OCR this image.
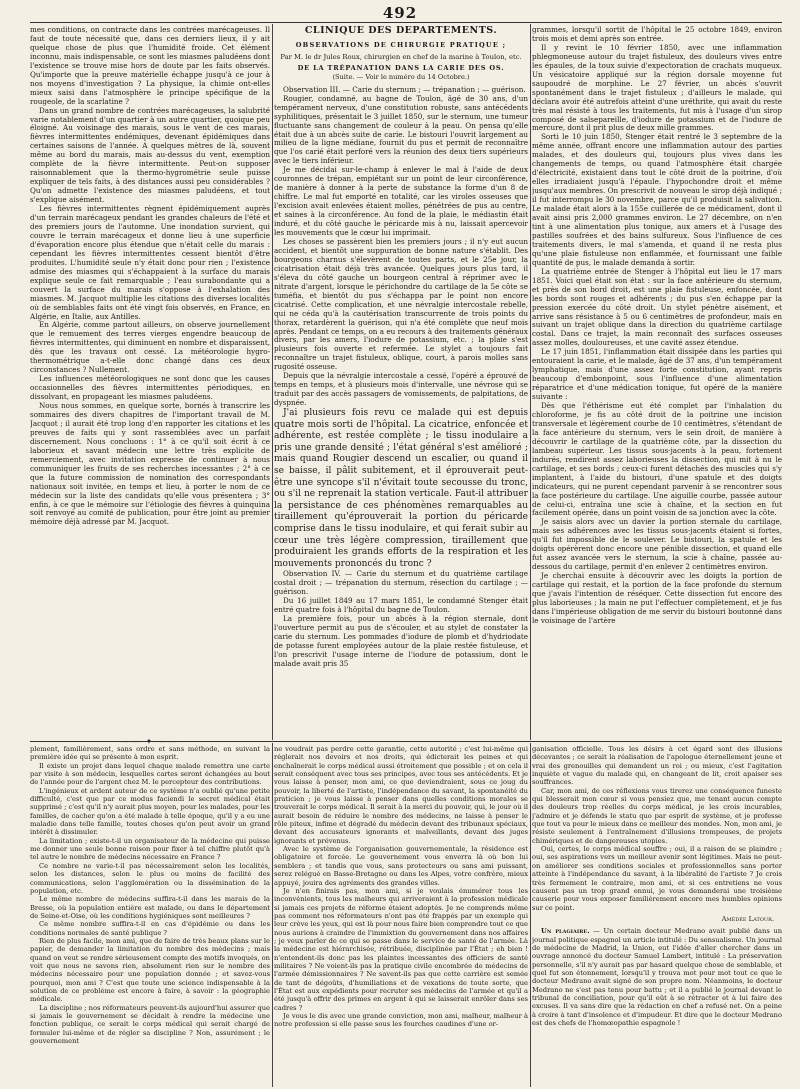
492

mes conditions, on contracte dans les contrées marécageuses. Il faut de toute nécessité que, dans ces derniers lieux, il y ait quelque chose de plus que l'humidité froide. Cet élément inconnu, mais indispensable, ce sont les miasmes paludéens dont l'existence se trouve mise hors de doute par les faits observés. Qu'importe que la preuve matérielle échappe jusqu'à ce jour à nos moyens d'investigation ? La physique, la chimie ont-elles mieux saisi dans l'atmosphère le principe spécifique de la rougeole, de la scarlatine ?

Dans un grand nombre de contrées marécageuses, la salubrité varie notablement d'un quartier à un autre quartier, quoique peu éloigné. Au voisinage des marais, sous le vent de ces marais, fièvres intermittentes endémiques, devenant épidémiques dans certaines saisons de l'année. A quelques mètres de là, souvent même au bord du marais, mais au-dessus du vent, exemption complète de la fièvre intermittente. Peut-on supposer raisonnablement que la thermo-hygrométrie seule puisse expliquer de tels faits, à des distances aussi peu considérables ? Qu'on admette l'existence des miasmes paludéens, et tout s'explique aisément.

Les fièvres intermittentes règnent épidémiquement auprès d'un terrain marécageux pendant les grandes chaleurs de l'été et des premiers jours de l'automne. Une inondation survient, qui couvre le terrain marécageux et donne lieu à une superficie d'évaporation encore plus étendue que n'était celle du marais : cependant les fièvres intermittentes cessent bientôt d'être produites. L'humidité seule n'y était donc pour rien ; l'existence admise des miasmes qui s'échappaient à la surface du marais explique seule ce fait remarquable ; l'eau surabondante qui a couvert la surface du marais s'oppose à l'exhalation des miasmes. M. Jacquot multiplie les citations des diverses localités où de semblables faits ont été vingt fois observés, en France, en Algérie, en Italie, aux Antilles.

En Algérie, comme partout ailleurs, on observe journellement que le remuement des terres vierges engendre beaucoup de fièvres intermittentes, qui diminuent en nombre et disparaissent, dès que les travaux ont cessé. La météorologie hygro-thermométrique a-t-elle donc changé dans ces deux circonstances ? Nullement.

Les influences météorologiques ne sont donc que les causes occasionnelles des fièvres intermittentes périodiques, en dissolvant, en propageant les miasmes paludéens.

Nous nous sommes, en quelque sorte, bornés à transcrire les sommaires des divers chapitres de l'important travail de M. Jacquot ; il aurait été trop long d'en rapporter les citations et les preuves de faits qui y sont rassemblées avec un parfait discernement. Nous concluons : 1° à ce qu'il soit écrit à ce laborieux et savant médecin une lettre très explicite de remerciement, avec invitation expresse de continuer à nous communiquer les fruits de ses recherches incessantes ; 2° à ce que la future commission de nomination des correspondants nationaux soit invitée, en temps et lieu, à porter le nom de ce médecin sur la liste des candidats qu'elle vous présentera ; 3° enfin, à ce que le mémoire sur l'étiologie des fièvres à quinquina soit renvoyé au comité de publication, pour être joint au premier mémoire déjà adressé par M. Jacquot.

—— ✦ ——
CLINIQUE DES DÉPARTEMENTS.
OBSERVATIONS DE CHIRURGIE PRATIQUE ;
Par M. le dr Jules Roux, chirurgien en chef de la marine à Toulon, etc.
DE LA TRÉPANATION DANS LA CARIE DES OS.
(Suite. — Voir le numéro du 14 Octobre.)

Observation III. — Carie du sternum ; — trépanation ; — guérison.

Rougier, condamné, au bagne de Toulon, âgé de 30 ans, d'un tempérament nerveux, d'une constitution robuste, sans antécédents syphilitiques, présentait le 3 juillet 1850, sur le sternum, une tumeur fluctuante sans changement de couleur à la peau. On pensa qu'elle était due à un abcès suite de carie. Le bistouri l'ouvrit largement au milieu de la ligne médiane, fournit du pus et permit de reconnaître que l'os carié était perforé vers la réunion des deux tiers supérieurs avec le tiers inférieur.

Je me décidai sur-le-champ à enlever le mal à l'aide de deux couronnes de trépan, empiétant sur un point de leur circonférence, de manière à donner à la perte de substance la forme d'un 8 de chiffre. Le mal fut emporté en totalité, car les viroles osseuses que l'excision avait enlevées étaient molles, pénétrées de pus au centre, et saines à la circonférence. Au fond de la plaie, le médiastin était induré, et du côté gauche le péricarde mis à nu, laissait apercevoir les mouvements que le cœur lui imprimait.

Les choses se passèrent bien les premiers jours ; il n'y eut aucun accident, et bientôt une suppuration de bonne nature s'établit. Des bourgeons charnus s'élevèrent de toutes parts, et le 25e jour, la cicatrisation était déjà très avancée. Quelques jours plus tard, il s'éleva du côté gauche un bourgeon central à réprimer avec le nitrate d'argent, lorsque le périchondre du cartilage de la 5e côte se tuméfia, et bientôt du pus s'échappa par le point non encore cicatrisé. Cette complication, et une névralgie intercostale rebelle, qui ne céda qu'à la cautérisation transcurrente de trois points du thorax, retardèrent la guérison, qui n'a été complète que neuf mois après. Pendant ce temps, on a eu recours à des traitements généraux divers, par les amers, l'iodure de potassium, etc. ; la plaie s'est plusieurs fois ouverte et refermée. Le stylet a toujours fait reconnaître un trajet fistuleux, oblique, court, à parois molles sans rugosité osseuse.

Depuis que la névralgie intercostale a cessé, l'opéré a éprouvé de temps en temps, et à plusieurs mois d'intervalle, une névrose qui se traduit par des accès passagers de vomissements, de palpitations, de dyspnée.

J'ai plusieurs fois revu ce malade qui est depuis quatre mois sorti de l'hôpital. La cicatrice, enfoncée et adhérente, est restée complète ; le tissu inodulaire a pris une grande densité ; l'état général s'est amélioré ; mais quand Rougier descend un escalier, ou quand il se baisse, il pâlit subitement, et il éprouverait peut-être une syncope s'il n'évitait toute secousse du tronc, ou s'il ne reprenait la station verticale. Faut-il attribuer la persistance de ces phénomènes remarquables au tiraillement qu'éprouverait la portion du péricarde comprise dans le tissu inodulaire, et qui ferait subir au cœur une très légère compression, tiraillement que produiraient les grands efforts de la respiration et les mouvements prononcés du tronc ?

Observation IV. — Carie du sternum et du quatrième cartilage costal droit ; — trépanation du sternum, résection du cartilage ; — guérison.

Du 16 juillet 1849 au 17 mars 1851, le condamné Stenger était entré quatre fois à l'hôpital du bagne de Toulon.

La première fois, pour un abcès à la région sternale, dont l'ouverture permit au pus de s'écouler, et au stylet de constater la carie du sternum. Les pommades d'iodure de plomb et d'hydriodate de potasse furent employées autour de la plaie restée fistuleuse, et l'on prescrivit l'usage interne de l'iodure de potassium, dont le malade avait pris 35

grammes, lorsqu'il sortit de l'hôpital le 25 octobre 1849, environ trois mois et demi après son entrée.

Il y revint le 10 février 1850, avec une inflammation phlegmoneuse autour du trajet fistuleux, des douleurs vives entre les épaules, de la toux suivie d'expectoration de crachats muqueux. Un vésicatoire appliqué sur la région dorsale moyenne fut saupoudré de morphine. Le 27 février, un abcès s'ouvrit spontanément dans le trajet fistuleux ; d'ailleurs le malade, qui déclara avoir été autrefois atteint d'une uréthrite, qui avait du reste très mal résisté à tous les traitements, fut mis à l'usage d'un sirop composé de salsepareille, d'iodure de potassium et de l'iodure de mercure, dont il prit plus de deux mille grammes.

Sorti le 10 juin 1850, Stenger était rentré le 3 septembre de la même année, offrant encore une inflammation autour des parties malades, et des douleurs qui, toujours plus vives dans les changements de temps, ou quand l'atmosphère était chargée d'électricité, existaient dans tout le côté droit de la poitrine, d'où elles irradiaient jusqu'à l'épaule. l'hypochondre droit et même jusqu'aux membres. On prescrivit de nouveau le sirop déjà indiqué ; il fut interrompu le 30 novembre, parce qu'il produisit la salivation. Le malade était alors à la 155e cuillerée de ce médicament, dont il avait ainsi pris 2,000 grammes environ. Le 27 décembre, on n'en tint à une alimentation plus tonique, aux amers et à l'usage des pastilles soufrées et des bains sulfureux. Sous l'influence de ces traitements divers, le mal s'amenda, et quand il ne resta plus qu'une plaie fistuleuse non enflammée, et fournissant une faible quantité de pus, le malade demanda à sortir.

La quatrième entrée de Stenger à l'hôpital eut lieu le 17 mars 1851. Voici quel était son état : sur la face antérieure du sternum, et près de son bord droit, est une plaie fistuleuse, enfoncée, dont les bords sont rouges et adhérents ; du pus s'en échappe par la pression exercée du côté droit. Un stylet pénètre aisément, et arrive sans résistance à 5 ou 6 centimètres de profondeur, mais en suivant un trajet oblique dans la direction du quatrième cartilage costal. Dans ce trajet, la main reconnaît des surfaces osseuses assez molles, douloureuses, et une cavité assez étendue.

Le 17 juin 1851, l'inflammation était dissipée dans les parties qui entouraient la carie, et le malade, âgé de 37 ans, d'un tempérament lymphatique, mais d'une assez forte constitution, ayant repris beaucoup d'embonpoint, sous l'influence d'une alimentation réparatrice et d'une médication tonique, fut opéré de la manière suivante :

Dès que l'éthérisme eut été complet par l'inhalation du chloroforme, je fis au côté droit de la poitrine une incision transversale et légèrement courbe de 10 centimètres, s'étendant de la face antérieure du sternum, vers le sein droit, de manière à découvrir le cartilage de la quatrième côte, par la dissection du lambeau supérieur. Les tissus sous-jacents à la peau, fortement indurés, rendirent assez laborieuses la dissection, qui mit à nu le cartilage, et ses bords ; ceux-ci furent détachés des muscles qui s'y implantent, à l'aide du bistouri, d'une spatule et des doigts indicateurs, qui ne purent cependant parvenir à se rencontrer sous la face postérieure du cartilage. Une aiguille courbe, passée autour de celui-ci, entraîna une scie à chaîne, et la section en fut facilement opérée, dans un point voisin de sa jonction avec la côte.

Je saisis alors avec un davier la portion sternale du cartilage, mais ses adhérences avec les tissus sous-jacents étaient si fortes, qu'il fut impossible de le soulever. Le bistouri, la spatule et les doigts opérèrent donc encore une pénible dissection, et quand elle fut assez avancée vers le sternum, la scie à chaîne, passée au-dessous du cartilage, permit d'en enlever 2 centimètres environ.

Je cherchai ensuite à découvrir avec les doigts la portion de cartilage qui restait, et la portion de la face profonde du sternum que j'avais l'intention de réséquer. Cette dissection fut encore des plus laborieuses ; la main ne put l'effectuer complètement, et je fus dans l'impérieuse obligation de me servir du bistouri boutonné dans le voisinage de l'artère

plement, familièrement, sans ordre et sans méthode, en suivant la première idée qui se présente à mon esprit.

Il existe un projet dans lequel chaque malade remettra une carte par visite à son médecin, lesquelles cartes seront échangées au bout de l'année pour de l'argent chez M. le percepteur des contributions.

L'ingénieux et ardent auteur de ce système n'a oublié qu'une petite difficulté, c'est que par ce modus faciendi le secret médical était supprimé ; c'est qu'il n'y aurait plus moyen, pour les malades, pour les familles, de cacher qu'on a été malade à telle époque, qu'il y a eu une maladie dans telle famille, toutes choses qu'on peut avoir un grand intérêt à dissimuler.

La limitation ; existe-t-il un organisateur de la médecine qui puisse me donner une seule bonne raison pour fixer à tel chiffre plutôt qu'à tel autre le nombre de médecins nécessaire en France ?

Ce nombre ne varie-t-il pas nécessairement selon les localités, selon les distances, selon le plus ou moins de facilité des communications, selon l'agglomération ou la dissémination de la population, etc.

Le même nombre de médecins suffira-t-il dans les marais de la Bresse, où la population entière est malade, ou dans le département de Seine-et-Oise, où les conditions hygiéniques sont meilleures ?

Ce même nombre suffira-t-il en cas d'épidémie ou dans les conditions normales de santé publique ?

Rien de plus facile, mon ami, que de faire de très beaux plans sur le papier, de demander la limitation du nombre des médecins ; mais quand on veut se rendre sérieusement compte des motifs invoqués, on voit que nous ne savons rien, absolument rien sur le nombre des médecins nécessaire pour une population donnée ; et savez-vous pourquoi, mon ami ? C'est que toute une science indispensable à la solution de ce problème est encore à faire, à savoir : la géographie médicale.

La discipline ; nos réformateurs peuvent-ils aujourd'hui assurer que si jamais le gouvernement se décidait à rendre la médecine une fonction publique, ce serait le corps médical qui serait chargé de formuler lui-même et de régler sa discipline ? Non, assurément ; le gouvernement

ne voudrait pas perdre cette garantie, cette autorité ; c'est lui-même qui réglerait nos devoirs et nos droits, qui édicterait les peines et qui enchaînerait le corps médical aussi étroitement que possible ; et on cela il serait conséquent avec tous ses principes, avec tous ses antécédents. Et je vous laisse à penser, mon ami, ce que deviendraient, sous ce joug du pouvoir, la liberté de l'artiste, l'indépendance du savant, la spontanéité du praticien ; je vous laisse à penser dans quelles conditions morales se trouverait le corps médical. Il serait à la merci du pouvoir, qui, le jour où il aurait besoin de réduire le nombre des médecins, ne laisse à penser le rôle piteux, infime et dégradé du médecin devant des tribunaux spéciaux, devant des accusateurs ignorants et malveillants, devant des juges ignorants et prévenus.

Avec le système de l'organisation gouvernementale, la résidence est obligatoire et forcée. Le gouvernement vous enverra là où bon lui semblera ; et tandis que vous, sans protecteurs ou sans ami puissant, serez relégué en Basse-Bretagne ou dans les Alpes, votre confrère, mieux appuyé, jouira des agréments des grandes villes.

Je n'en finirais pas, mon ami, si je voulais énumérer tous les inconvénients, tous les malheurs qui arriveraient à la profession médicale si jamais ces projets de réforme étaient adoptés. Je ne comprends même pas comment nos réformateurs n'ont pas été frappés par un exemple qui leur crève les yeux, qui est là pour nous faire bien comprendre tout ce que nous aurions à craindre de l'immixtion du gouvernement dans nos affaires ; je veux parler de ce qui se passe dans le service de santé de l'armée. Là la médecine est hiérarchisée, rétribuée, disciplinée par l'État ; eh bien ! n'entendent-ils donc pas les plaintes incessantes des officiers de santé militaires ? Ne voient-ils pas la pratique civile encombrée de médecins de l'armée démissionnaires ? Ne savent-ils pas que cette carrière est semée de tant de dégoûts, d'humiliations et de vexations de toute sorte, que l'État est aux expédients pour recruter ses médecins de l'armée et qu'il a été jusqu'à offrir des primes en argent à qui se laisserait enrôler dans ses cadres ?

Je vous le dis avec une grande conviction, mon ami, malheur, malheur à notre profession si elle passe sous les fourches caudines d'une or-

ganisation officielle. Tous les désirs à cet égard sont des illusions décevantes ; ce serait la réalisation de l'apologue éternellement jeune et vrai des grenouilles qui demandent un roi ; ou mieux, c'est l'agitation inquiète et vague du malade qui, en changeant de lit, croit apaiser ses souffrances.

Car, mon ami, de ces réflexions vous tirerez une conséquence funeste qui blesserait mon cœur si vous pensiez que, me tenant aucun compte des douleurs trop réelles du corps médical, je les crois incurables, j'admire et je défends le statu quo par esprit de système, et je professe que tout va pour le mieux dans ce meilleur des mondes. Non, mon ami, je résiste seulement à l'entraînement d'illusions trompeuses, de projets chimériques et de dangereuses utopies.

Oui, certes, le corps médical souffre ; oui, il a raison de se plaindre ; oui, ses aspirations vers un meilleur avenir sont légitimes. Mais ne peut-on améliorer ses conditions sociales et professionnelles sans porter atteinte à l'indépendance du savant, à la libéralité de l'artiste ? Je crois très fermement le contraire, mon ami, et si ces entretiens ne vous causent pas un trop grand ennui, je vous demanderai une troisième causerie pour vous exposer familièrement encore mes humbles opinions sur ce point.

Amédée Latour.

Un plagiaire. — Un certain docteur Medrano avait publié dans un journal politique espagnol un article intitulé : Du sensualisme. Un journal de médecine de Madrid, la Union, eut l'idée d'aller chercher dans un ouvrage annoncé du docteur Samuel Lambert, intitulé : La préservation personnelle, s'il n'y aurait pas par hasard quelque chose de semblable, et quel fut son étonnement, lorsqu'il y trouva mot pour mot tout ce que le docteur Medrano avait signé de son propre nom. Néanmoins, le docteur Medrano ne s'est pas tenu pour battu ; et il a publié le journal devant le tribunal de conciliation, pour qu'il eût à se rétracter et à lui faire des excuses. Il va sans dire que la rédaction en chef a refusé net. On a peine à croire à tant d'insolence et d'impudeur. Et dire que le docteur Medrano est des chefs de l'homœopathie espagnole !
